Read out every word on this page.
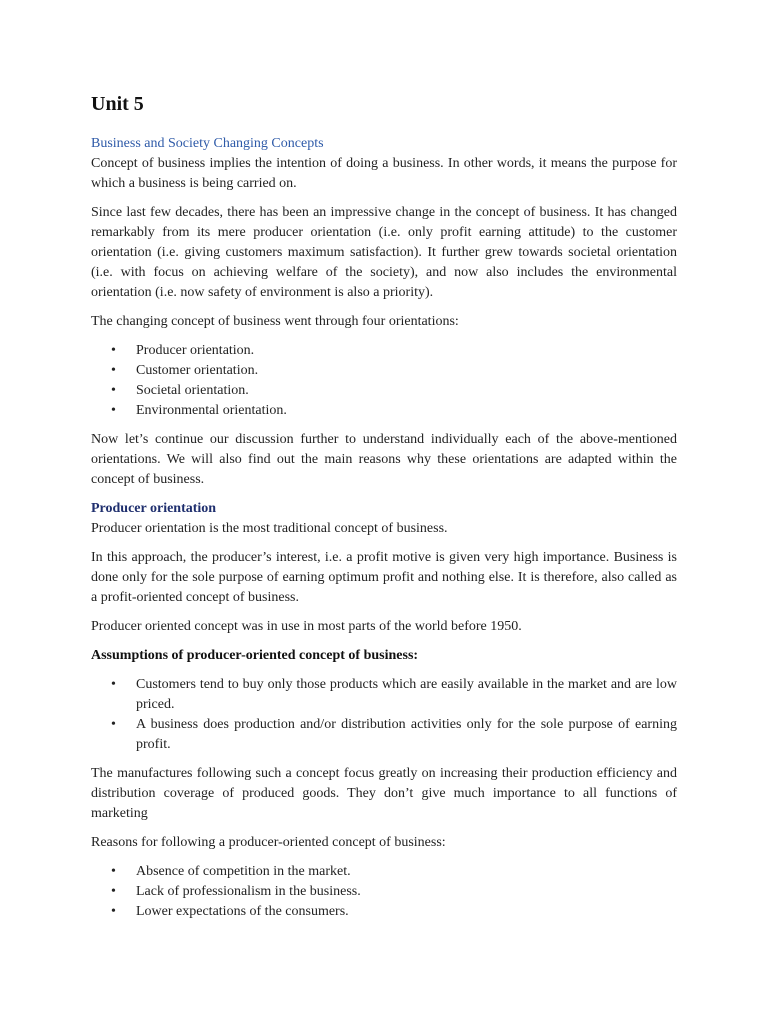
Unit 5
Business and Society Changing Concepts

Concept of business implies the intention of doing a business. In other words, it means the purpose for which a business is being carried on.

Since last few decades, there has been an impressive change in the concept of business. It has changed remarkably from its mere producer orientation (i.e. only profit earning attitude) to the customer orientation (i.e. giving customers maximum satisfaction). It further grew towards societal orientation (i.e. with focus on achieving welfare of the society), and now also includes the environmental orientation (i.e. now safety of environment is also a priority).

The changing concept of business went through four orientations:

• Producer orientation.
• Customer orientation.
• Societal orientation.
• Environmental orientation.

Now let’s continue our discussion further to understand individually each of the above-mentioned orientations. We will also find out the main reasons why these orientations are adapted within the concept of business.

Producer orientation

Producer orientation is the most traditional concept of business.

In this approach, the producer’s interest, i.e. a profit motive is given very high importance. Business is done only for the sole purpose of earning optimum profit and nothing else. It is therefore, also called as a profit-oriented concept of business.

Producer oriented concept was in use in most parts of the world before 1950.

Assumptions of producer-oriented concept of business:

• Customers tend to buy only those products which are easily available in the market and are low priced.
• A business does production and/or distribution activities only for the sole purpose of earning profit.

The manufactures following such a concept focus greatly on increasing their production efficiency and distribution coverage of produced goods. They don’t give much importance to all functions of marketing

Reasons for following a producer-oriented concept of business:

• Absence of competition in the market.
• Lack of professionalism in the business.
• Lower expectations of the consumers.
